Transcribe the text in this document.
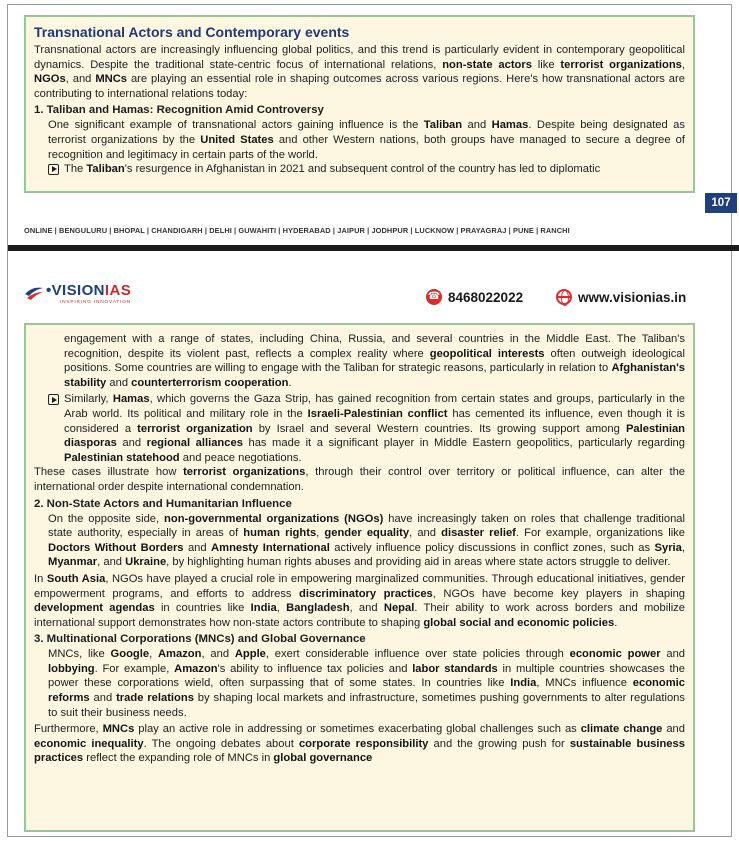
Transnational Actors and Contemporary events

Transnational actors are increasingly influencing global politics, and this trend is particularly evident in contemporary geopolitical dynamics. Despite the traditional state-centric focus of international relations, non-state actors like terrorist organizations, NGOs, and MNCs are playing an essential role in shaping outcomes across various regions. Here's how transnational actors are contributing to international relations today:

1. Taliban and Hamas: Recognition Amid Controversy

One significant example of transnational actors gaining influence is the Taliban and Hamas. Despite being designated as terrorist organizations by the United States and other Western nations, both groups have managed to secure a degree of recognition and legitimacy in certain parts of the world.

The Taliban's resurgence in Afghanistan in 2021 and subsequent control of the country has led to diplomatic
107
ONLINE | BENGULURU | BHOPAL | CHANDIGARH | DELHI | GUWAHITI | HYDERABAD | JAIPUR | JODHPUR | LUCKNOW | PRAYAGRAJ | PUNE | RANCHI
•VISIONIAS
INSPIRING INNOVATION
☎	8468022022	www.visionias.in

engagement with a range of states, including China, Russia, and several countries in the Middle East. The Taliban's recognition, despite its violent past, reflects a complex reality where geopolitical interests often outweigh ideological positions. Some countries are willing to engage with the Taliban for strategic reasons, particularly in relation to Afghanistan's stability and counterterrorism cooperation.

Similarly, Hamas, which governs the Gaza Strip, has gained recognition from certain states and groups, particularly in the Arab world. Its political and military role in the Israeli-Palestinian conflict has cemented its influence, even though it is considered a terrorist organization by Israel and several Western countries. Its growing support among Palestinian diasporas and regional alliances has made it a significant player in Middle Eastern geopolitics, particularly regarding Palestinian statehood and peace negotiations.

These cases illustrate how terrorist organizations, through their control over territory or political influence, can alter the international order despite international condemnation.

2. Non-State Actors and Humanitarian Influence

On the opposite side, non-governmental organizations (NGOs) have increasingly taken on roles that challenge traditional state authority, especially in areas of human rights, gender equality, and disaster relief. For example, organizations like Doctors Without Borders and Amnesty International actively influence policy discussions in conflict zones, such as Syria, Myanmar, and Ukraine, by highlighting human rights abuses and providing aid in areas where state actors struggle to deliver.

In South Asia, NGOs have played a crucial role in empowering marginalized communities. Through educational initiatives, gender empowerment programs, and efforts to address discriminatory practices, NGOs have become key players in shaping development agendas in countries like India, Bangladesh, and Nepal. Their ability to work across borders and mobilize international support demonstrates how non-state actors contribute to shaping global social and economic policies.

3. Multinational Corporations (MNCs) and Global Governance

MNCs, like Google, Amazon, and Apple, exert considerable influence over state policies through economic power and lobbying. For example, Amazon's ability to influence tax policies and labor standards in multiple countries showcases the power these corporations wield, often surpassing that of some states. In countries like India, MNCs influence economic reforms and trade relations by shaping local markets and infrastructure, sometimes pushing governments to alter regulations to suit their business needs.

Furthermore, MNCs play an active role in addressing or sometimes exacerbating global challenges such as climate change and economic inequality. The ongoing debates about corporate responsibility and the growing push for sustainable business practices reflect the expanding role of MNCs in global governance
